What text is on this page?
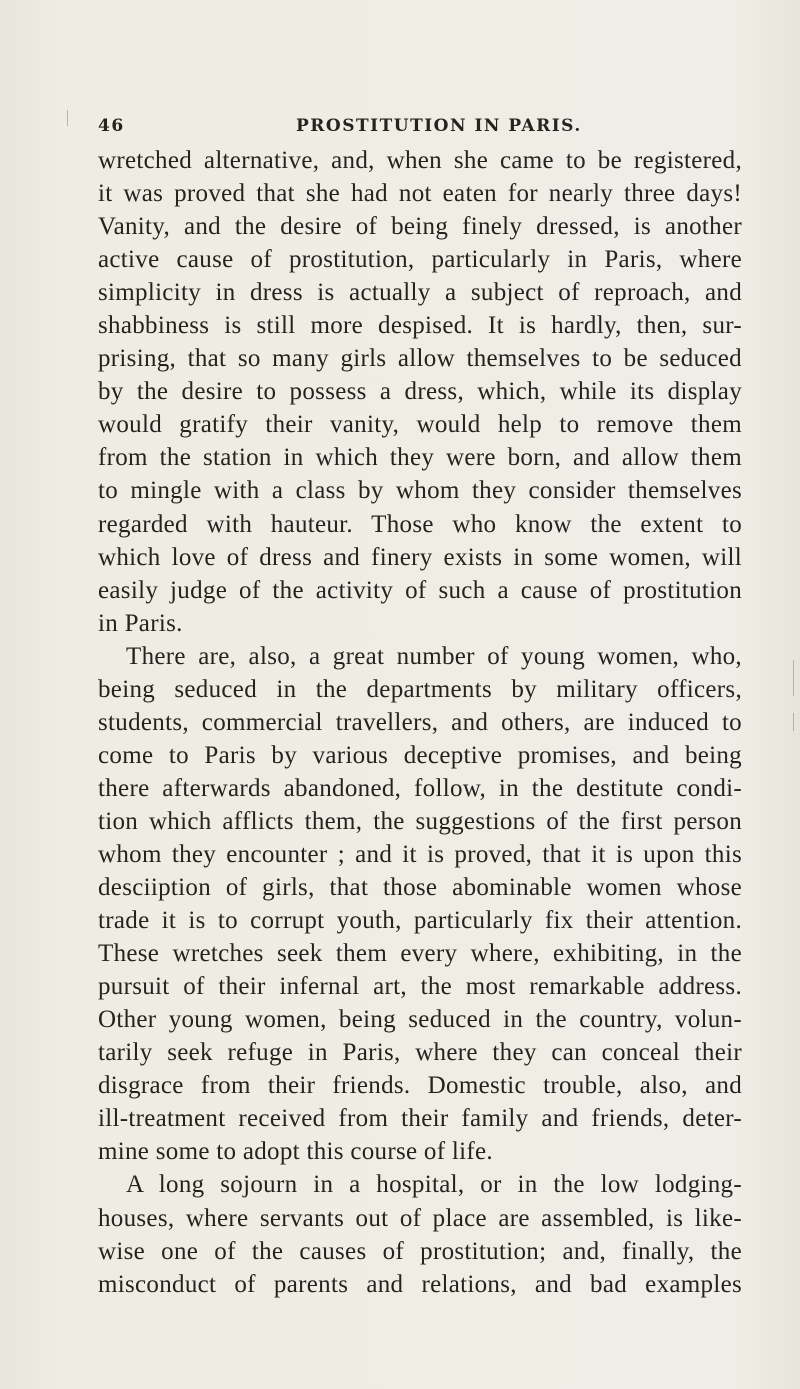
46	PROSTITUTION IN PARIS.
wretched alternative, and, when she came to be registered,
it was proved that she had not eaten for nearly three days!
Vanity, and the desire of being finely dressed, is another
active cause of prostitution, particularly in Paris, where
simplicity in dress is actually a subject of reproach, and
shabbiness is still more despised. It is hardly, then, sur-
prising, that so many girls allow themselves to be seduced
by the desire to possess a dress, which, while its display
would gratify their vanity, would help to remove them
from the station in which they were born, and allow them
to mingle with a class by whom they consider themselves
regarded with hauteur. Those who know the extent to
which love of dress and finery exists in some women, will
easily judge of the activity of such a cause of prostitution
in Paris.
There are, also, a great number of young women, who,
being seduced in the departments by military officers,
students, commercial travellers, and others, are induced to
come to Paris by various deceptive promises, and being
there afterwards abandoned, follow, in the destitute condi-
tion which afflicts them, the suggestions of the first person
whom they encounter ; and it is proved, that it is upon this
desciiption of girls, that those abominable women whose
trade it is to corrupt youth, particularly fix their attention.
These wretches seek them every where, exhibiting, in the
pursuit of their infernal art, the most remarkable address.
Other young women, being seduced in the country, volun-
tarily seek refuge in Paris, where they can conceal their
disgrace from their friends. Domestic trouble, also, and
ill-treatment received from their family and friends, deter-
mine some to adopt this course of life.
A long sojourn in a hospital, or in the low lodging-
houses, where servants out of place are assembled, is like-
wise one of the causes of prostitution; and, finally, the
misconduct of parents and relations, and bad examples
